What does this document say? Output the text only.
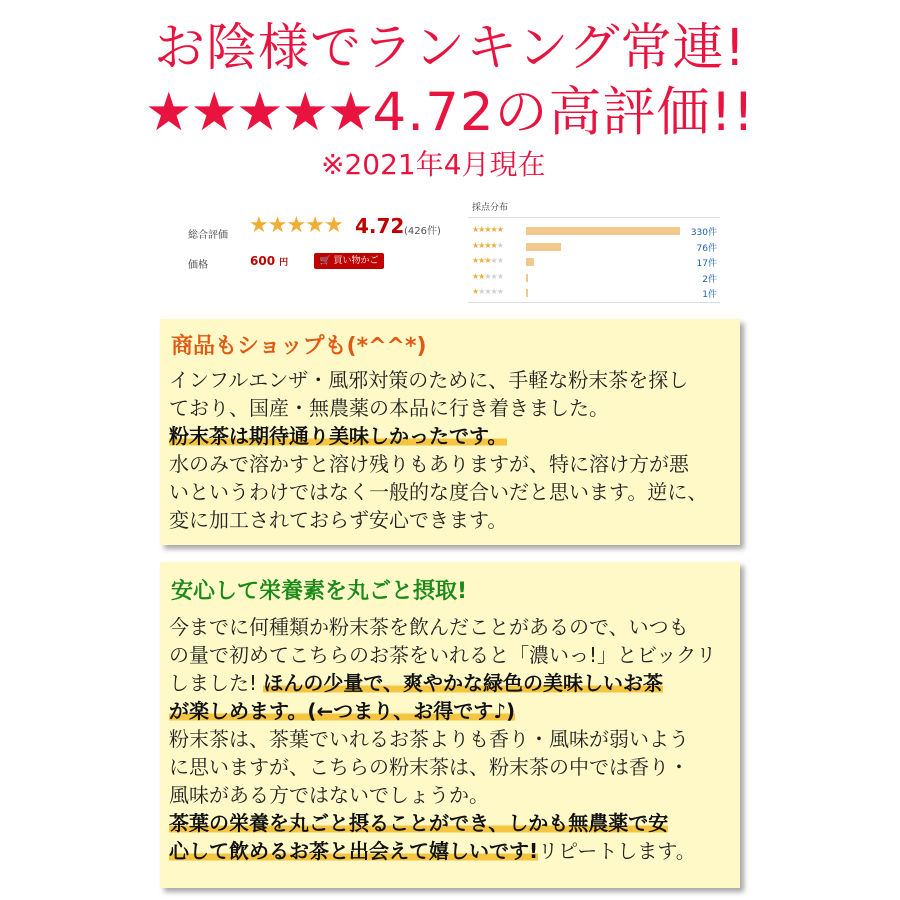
お陰様でランキング常連!
★★★★★4.72の高評価!!
※2021年4月現在
総合評価 ★★★★★ 4.72 (426件)
価格	600 円	🛒 買い物かご
採点分布
★★★★★	330件
★★★★★	76件
★★★★★	17件
★★★★★	2件
★★★★★	1件
商品もショップも(*^^*)
インフルエンザ・風邪対策のために、手軽な粉末茶を探し
ており、国産・無農薬の本品に行き着きました。
粉末茶は期待通り美味しかったです。
水のみで溶かすと溶け残りもありますが、特に溶け方が悪
いというわけではなく一般的な度合いだと思います。逆に、
変に加工されておらず安心できます。
安心して栄養素を丸ごと摂取!
今までに何種類か粉末茶を飲んだことがあるので、いつも
の量で初めてこちらのお茶をいれると「濃いっ!」とビックリ
しました! ほんの少量で、爽やかな緑色の美味しいお茶
が楽しめます。(←つまり、お得です♪)
粉末茶は、茶葉でいれるお茶よりも香り・風味が弱いよう
に思いますが、こちらの粉末茶は、粉末茶の中では香り・
風味がある方ではないでしょうか。
茶葉の栄養を丸ごと摂ることができ、しかも無農薬で安
心して飲めるお茶と出会えて嬉しいです!リピートします。
